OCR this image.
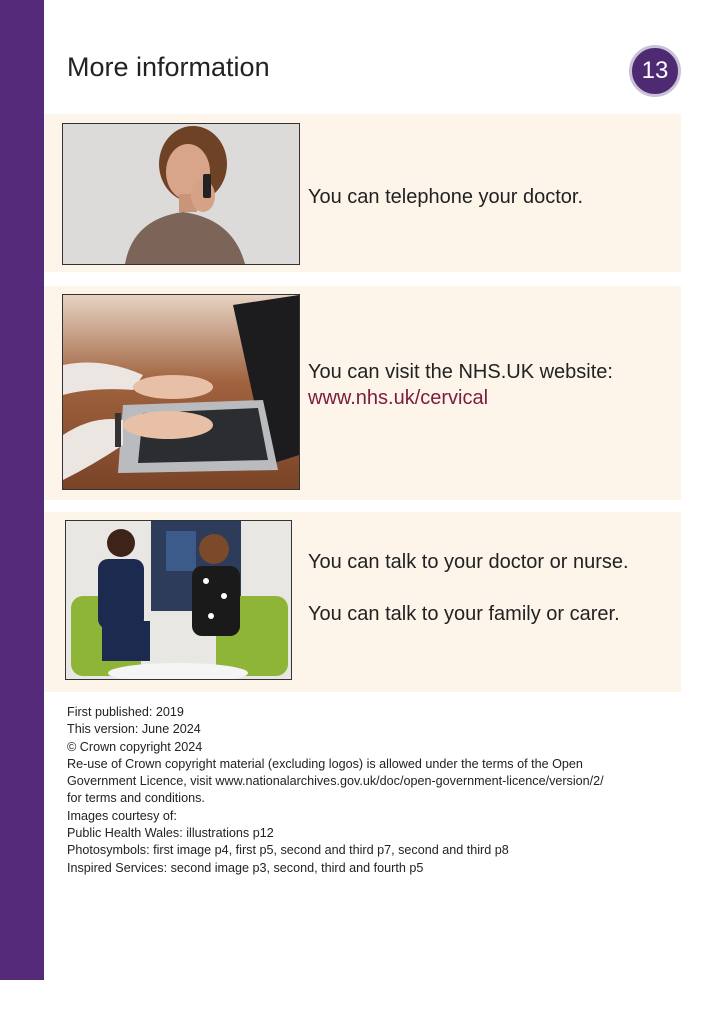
More information	13
You can telephone your doctor.
You can visit the NHS.UK website:
www.nhs.uk/cervical

You can talk to your doctor or nurse.

You can talk to your family or carer.

First published: 2019
This version: June 2024
© Crown copyright 2024
Re-use of Crown copyright material (excluding logos) is allowed under the terms of the Open
Government Licence, visit www.nationalarchives.gov.uk/doc/open-government-licence/version/2/
for terms and conditions.
Images courtesy of:
Public Health Wales: illustrations p12
Photosymbols: first image p4, first p5, second and third p7, second and third p8
Inspired Services: second image p3, second, third and fourth p5
